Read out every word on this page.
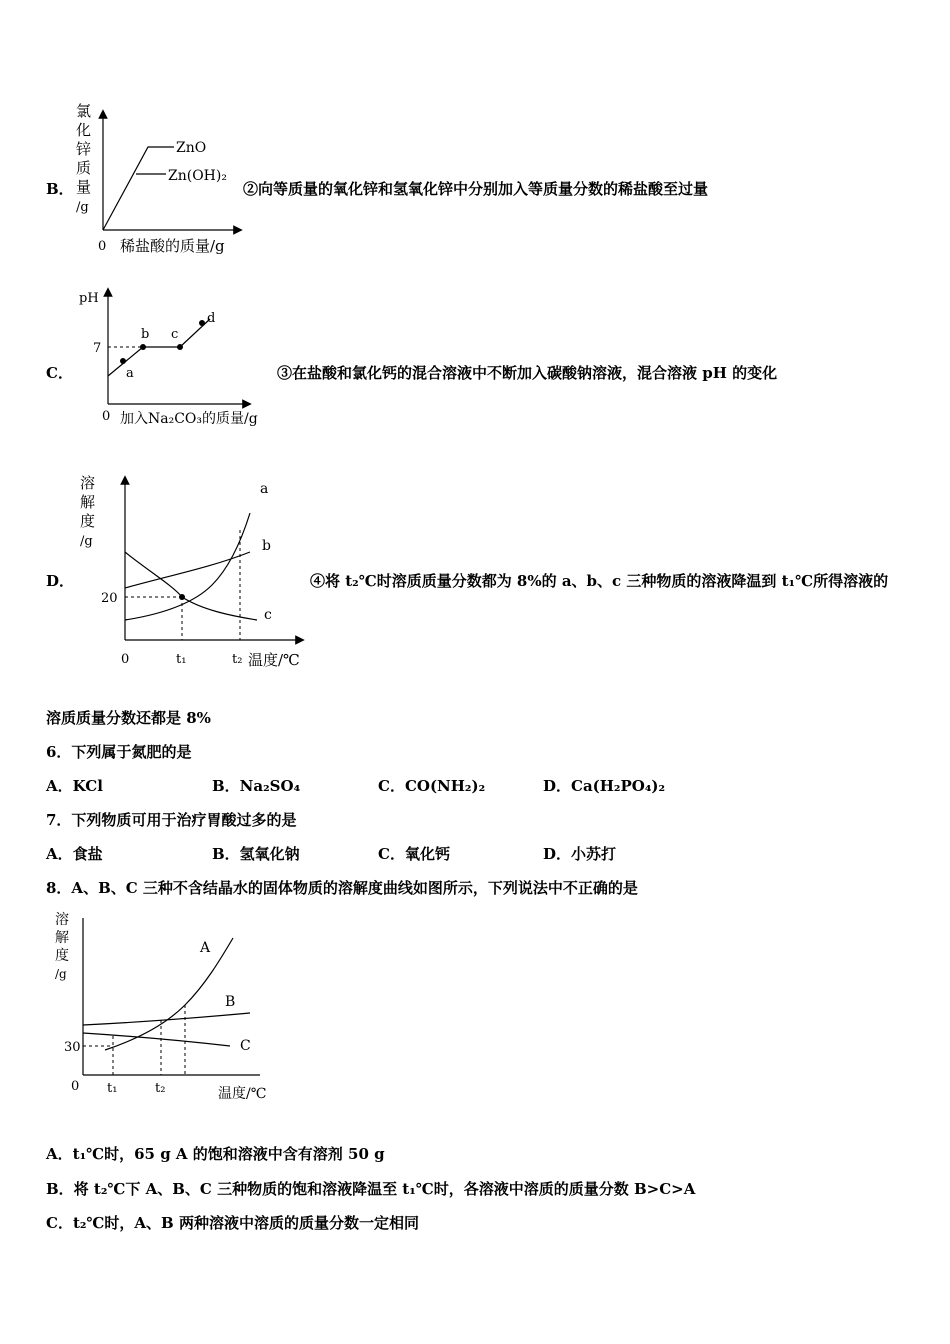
B．
氯
化
锌
质
量
/g
0 稀盐酸的质量/g
ZnO
Zn(OH)₂
②向等质量的氧化锌和氢氧化锌中分别加入等质量分数的稀盐酸至过量
C．
pH
7
0 加入Na₂CO₃的质量/g
a
b c
d
③在盐酸和氯化钙的混合溶液中不断加入碳酸钠溶液，混合溶液 pH 的变化
D．
溶
解
度
/g
20
0	t₁	t₂ 温度/℃
a
b
c
④将 t₂℃时溶质质量分数都为 8%的 a、b、c 三种物质的溶液降温到 t₁℃所得溶液的
溶质质量分数还都是 8%
6．下列属于氮肥的是
A．KCl	B．Na₂SO₄	C．CO(NH₂)₂	D．Ca(H₂PO₄)₂
7．下列物质可用于治疗胃酸过多的是
A．食盐	B．氢氧化钠	C．氧化钙	D．小苏打
8．A、B、C 三种不含结晶水的固体物质的溶解度曲线如图所示，下列说法中不正确的是
溶
解
度
/g
30
0 t₁	t₂	温度/℃
A
B
C
A．t₁℃时，65 g A 的饱和溶液中含有溶剂 50 g
B．将 t₂℃下 A、B、C 三种物质的饱和溶液降温至 t₁℃时，各溶液中溶质的质量分数 B>C>A
C．t₂℃时，A、B 两种溶液中溶质的质量分数一定相同
